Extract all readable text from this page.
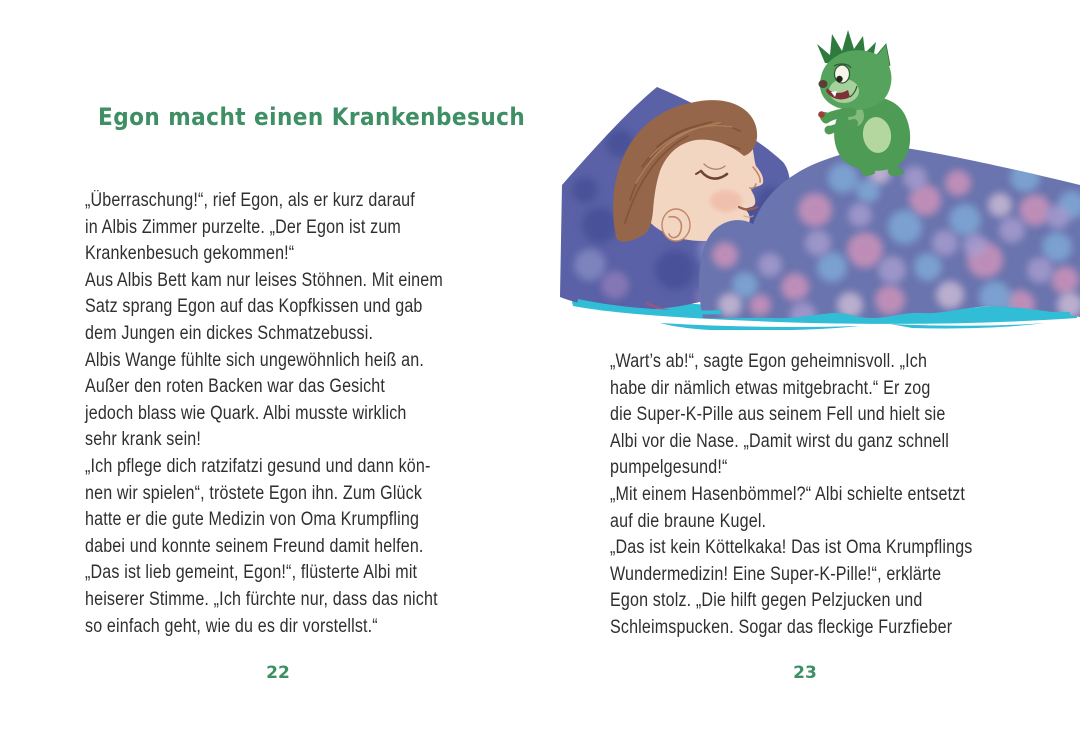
Egon macht einen Krankenbesuch
„Überraschung!“, rief Egon, als er kurz darauf
in Albis Zimmer purzelte. „Der Egon ist zum
Krankenbesuch gekommen!“
Aus Albis Bett kam nur leises Stöhnen. Mit einem
Satz sprang Egon auf das Kopfkissen und gab
dem Jungen ein dickes Schmatzebussi.
Albis Wange fühlte sich ungewöhnlich heiß an.
Außer den roten Backen war das Gesicht
jedoch blass wie Quark. Albi musste wirklich
sehr krank sein!
„Ich pflege dich ratzifatzi gesund und dann kön-
nen wir spielen“, tröstete Egon ihn. Zum Glück
hatte er die gute Medizin von Oma Krumpfling
dabei und konnte seinem Freund damit helfen.
„Das ist lieb gemeint, Egon!“, flüsterte Albi mit
heiserer Stimme. „Ich fürchte nur, dass das nicht
so einfach geht, wie du es dir vorstellst.“
22
„Wart’s ab!“, sagte Egon geheimnisvoll. „Ich
habe dir nämlich etwas mitgebracht.“ Er zog
die Super-K-Pille aus seinem Fell und hielt sie
Albi vor die Nase. „Damit wirst du ganz schnell
pumpelgesund!“
„Mit einem Hasenbömmel?“ Albi schielte entsetzt
auf die braune Kugel.
„Das ist kein Köttelkaka! Das ist Oma Krumpflings
Wundermedizin! Eine Super-K-Pille!“, erklärte
Egon stolz. „Die hilft gegen Pelzjucken und
Schleimspucken. Sogar das fleckige Furzfieber
23
